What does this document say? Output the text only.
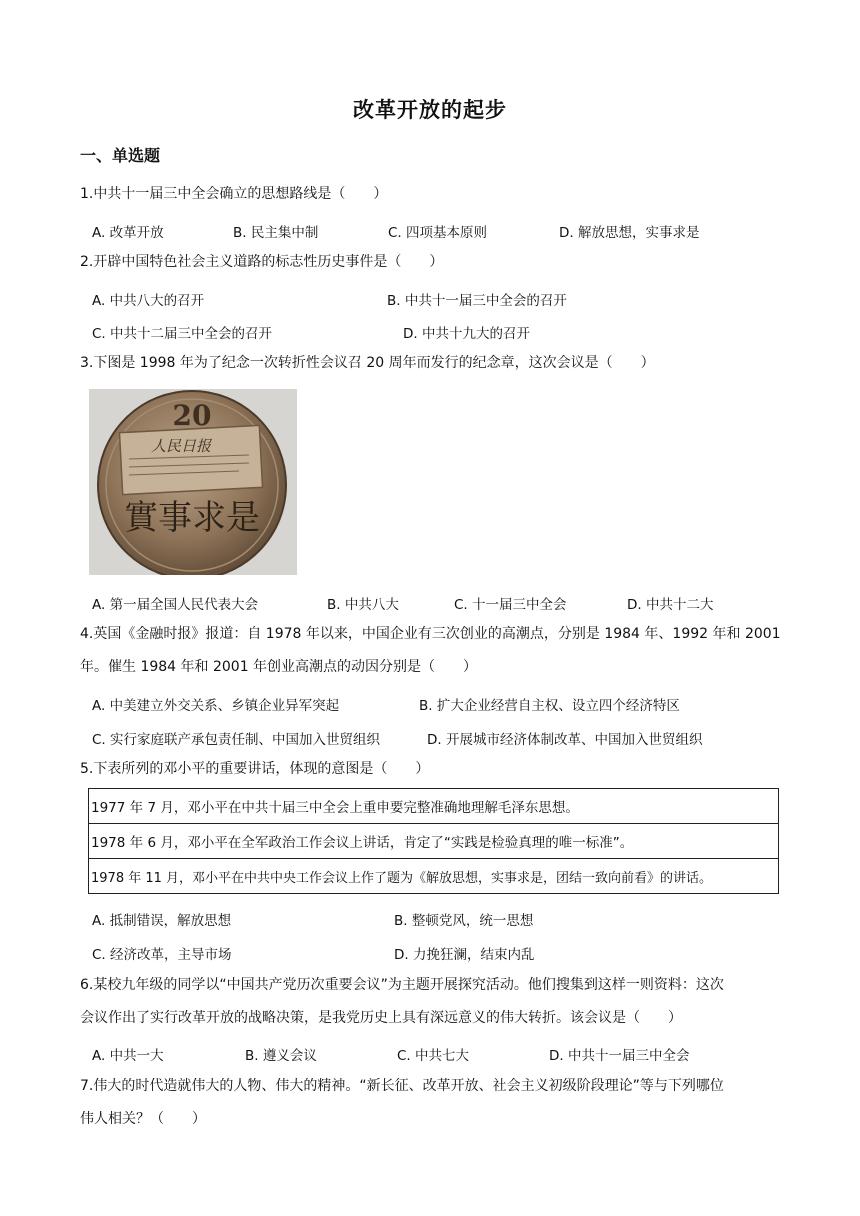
改革开放的起步
一、单选题
1.中共十一届三中全会确立的思想路线是（　　）
A. 改革开放	B. 民主集中制	C. 四项基本原则	D. 解放思想，实事求是
2.开辟中国特色社会主义道路的标志性历史事件是（　　）
A. 中共八大的召开	B. 中共十一届三中全会的召开
C. 中共十二届三中全会的召开	D. 中共十九大的召开
3.下图是 1998 年为了纪念一次转折性会议召 20 周年而发行的纪念章，这次会议是（　　）
20
人民日报
實事求是
A. 第一届全国人民代表大会	B. 中共八大	C. 十一届三中全会	D. 中共十二大
4.英国《金融时报》报道：自 1978 年以来，中国企业有三次创业的高潮点，分别是 1984 年、1992 年和 2001
年。催生 1984 年和 2001 年创业高潮点的动因分别是（　　）
A. 中美建立外交关系、乡镇企业异军突起	B. 扩大企业经营自主权、设立四个经济特区
C. 实行家庭联产承包责任制、中国加入世贸组织	D. 开展城市经济体制改革、中国加入世贸组织
5.下表所列的邓小平的重要讲话，体现的意图是（　　）
1977 年 7 月，邓小平在中共十届三中全会上重申要完整准确地理解毛泽东思想。
1978 年 6 月，邓小平在全军政治工作会议上讲话，肯定了“实践是检验真理的唯一标准”。
1978 年 11 月，邓小平在中共中央工作会议上作了题为《解放思想，实事求是，团结一致向前看》的讲话。
A. 抵制错误，解放思想	B. 整顿党风，统一思想
C. 经济改革，主导市场	D. 力挽狂澜，结束内乱
6.某校九年级的同学以“中国共产党历次重要会议”为主题开展探究活动。他们搜集到这样一则资料：这次
会议作出了实行改革开放的战略决策，是我党历史上具有深远意义的伟大转折。该会议是（　　）
A. 中共一大	B. 遵义会议	C. 中共七大	D. 中共十一届三中全会
7.伟大的时代造就伟大的人物、伟大的精神。“新长征、改革开放、社会主义初级阶段理论”等与下列哪位
伟人相关？（　　）
